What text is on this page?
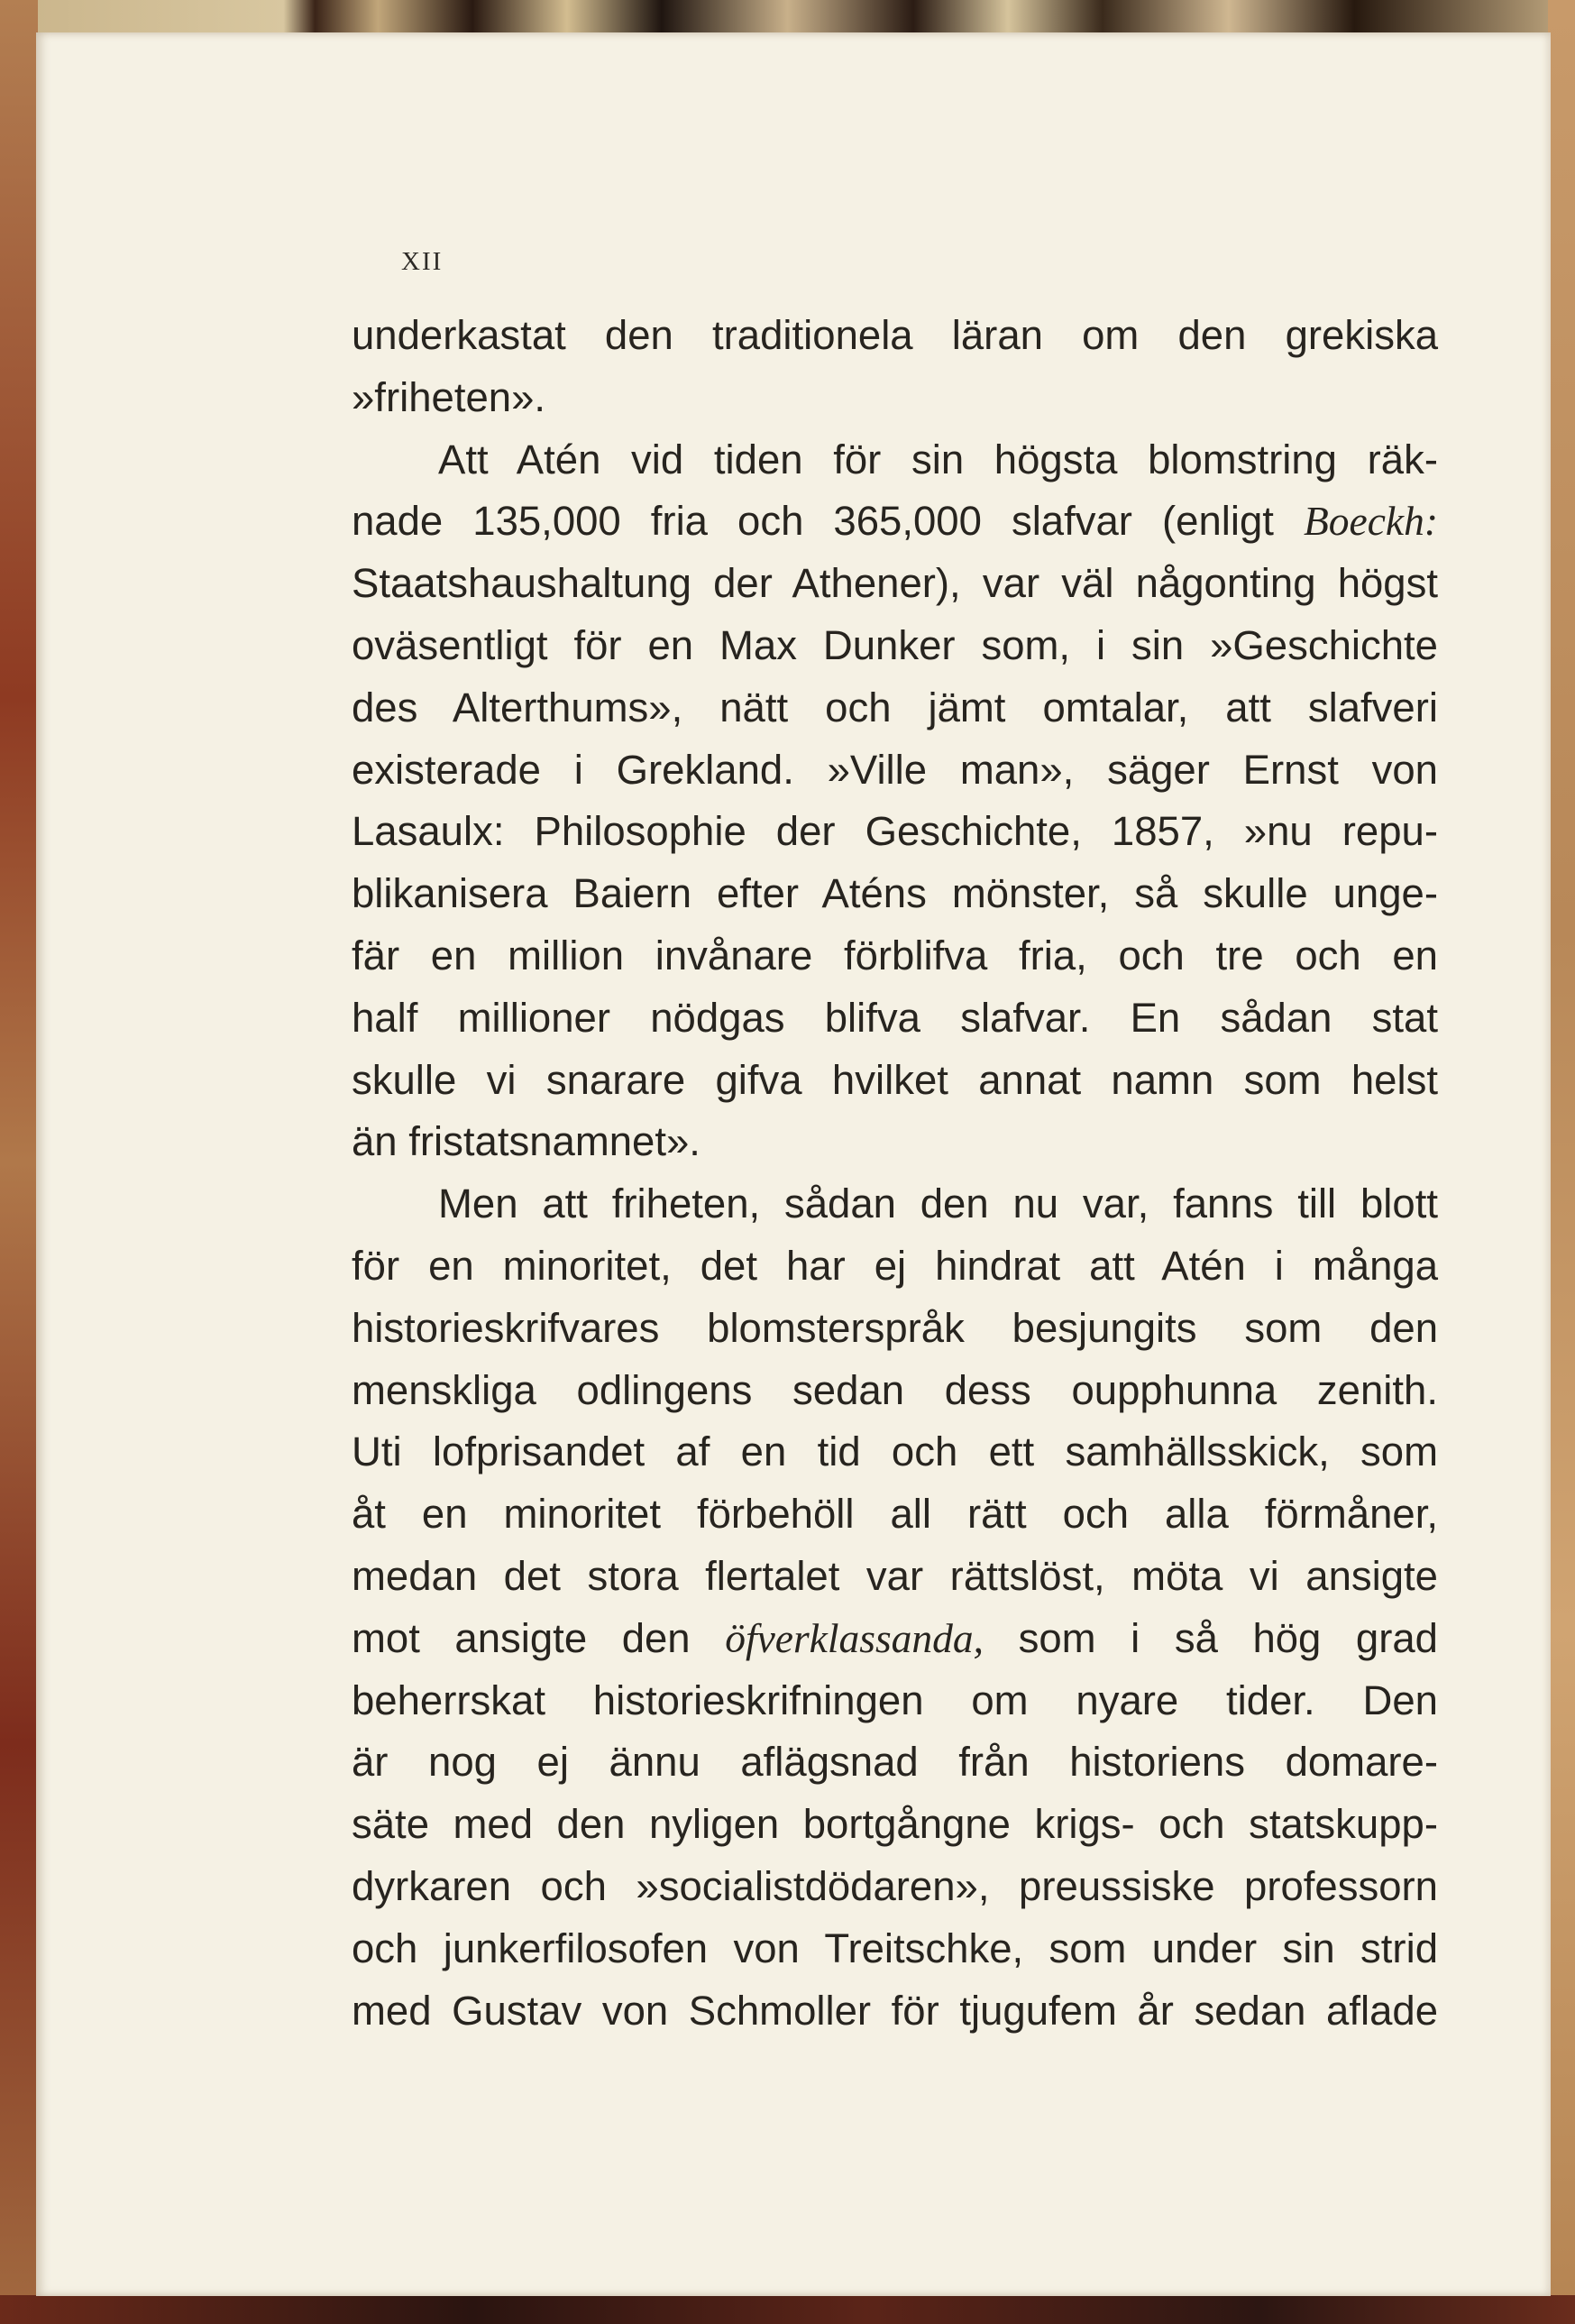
XII
underkastat den traditionela läran om den grekiska
»friheten».
Att Atén vid tiden för sin högsta blomstring räk-
nade 135,000 fria och 365,000 slafvar (enligt Boeckh:
Staatshaushaltung der Athener), var väl någonting högst
oväsentligt för en Max Dunker som, i sin »Geschichte
des Alterthums», nätt och jämt omtalar, att slafveri
existerade i Grekland. »Ville man», säger Ernst von
Lasaulx: Philosophie der Geschichte, 1857, »nu repu-
blikanisera Baiern efter Aténs mönster, så skulle unge-
fär en million invånare förblifva fria, och tre och en
half millioner nödgas blifva slafvar. En sådan stat
skulle vi snarare gifva hvilket annat namn som helst
än fristatsnamnet».
Men att friheten, sådan den nu var, fanns till blott
för en minoritet, det har ej hindrat att Atén i många
historieskrifvares blomsterspråk besjungits som den
menskliga odlingens sedan dess oupphunna zenith.
Uti lofprisandet af en tid och ett samhällsskick, som
åt en minoritet förbehöll all rätt och alla förmåner,
medan det stora flertalet var rättslöst, möta vi ansigte
mot ansigte den öfverklassanda, som i så hög grad
beherrskat historieskrifningen om nyare tider. Den
är nog ej ännu aflägsnad från historiens domare-
säte med den nyligen bortgångne krigs- och statskupp-
dyrkaren och »socialistdödaren», preussiske professorn
och junkerfilosofen von Treitschke, som under sin strid
med Gustav von Schmoller för tjugufem år sedan aflade
